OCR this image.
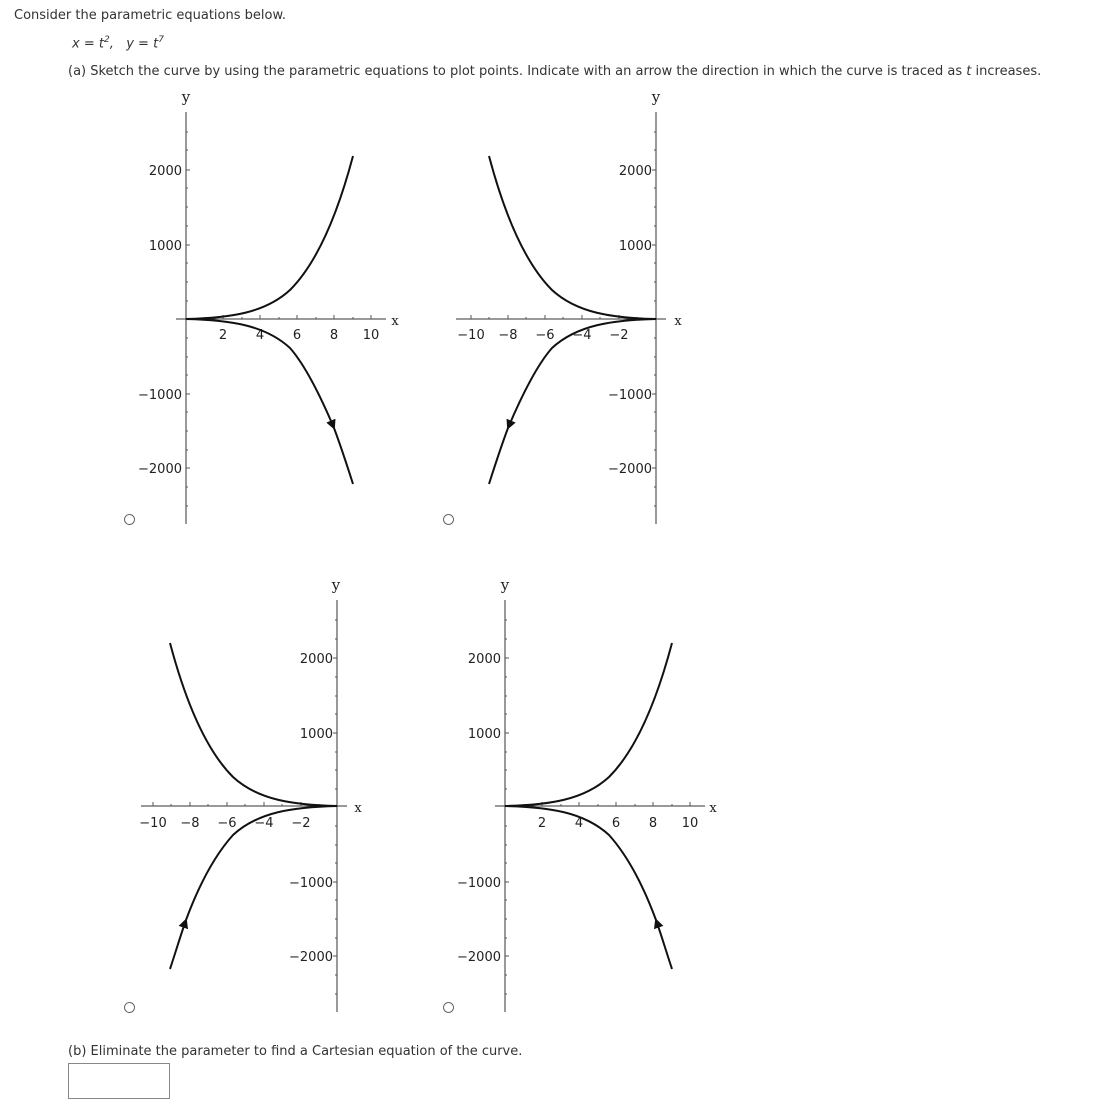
Consider the parametric equations below.
$x = t^2$, $y = t^7$
(a) Sketch the curve by using the parametric equations to plot points. Indicate with an arrow the direction in which the curve is traced as t increases.
y
x
2000
1000
−1000
−2000
2 4 6 8 10
y
x
2000
1000
−1000
−2000
−10 −8 −6 −4 −2
y
x
2000
1000
−1000
−2000
−10 −8 −6 −4 −2
y
x
2000
1000
−1000
−2000
2 4 6 8 10
(b) Eliminate the parameter to find a Cartesian equation of the curve.
